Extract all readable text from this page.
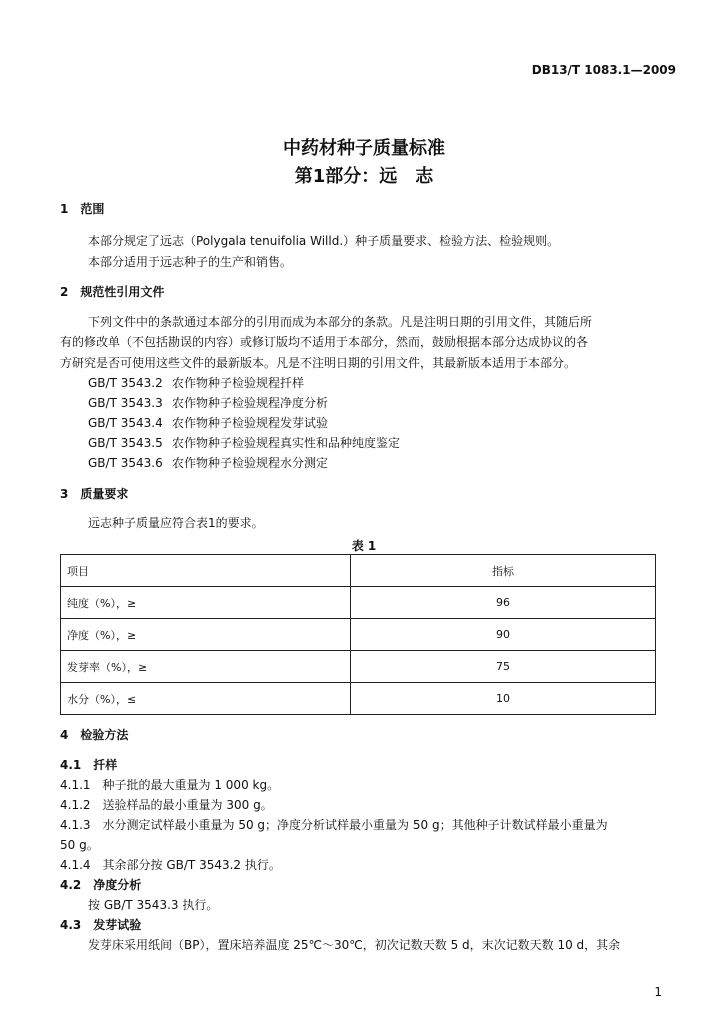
DB13/T 1083.1—2009
中药材种子质量标准
第1部分：远　志
1　范围
本部分规定了远志（Polygala tenuifolia Willd.）种子质量要求、检验方法、检验规则。
本部分适用于远志种子的生产和销售。
2　规范性引用文件
下列文件中的条款通过本部分的引用而成为本部分的条款。凡是注明日期的引用文件，其随后所
有的修改单（不包括勘误的内容）或修订版均不适用于本部分，然而，鼓励根据本部分达成协议的各
方研究是否可使用这些文件的最新版本。凡是不注明日期的引用文件，其最新版本适用于本部分。
GB/T 3543.2 农作物种子检验规程扦样
GB/T 3543.3 农作物种子检验规程净度分析
GB/T 3543.4 农作物种子检验规程发芽试验
GB/T 3543.5 农作物种子检验规程真实性和品种纯度鉴定
GB/T 3543.6 农作物种子检验规程水分测定
3　质量要求
远志种子质量应符合表1的要求。
表 1
项目	指标
纯度（%），≥	96
净度（%），≥	90
发芽率（%），≥	75
水分（%），≤	10
4　检验方法
4.1　扦样
4.1.1　种子批的最大重量为 1 000 kg。
4.1.2　送验样品的最小重量为 300 g。
4.1.3　水分测定试样最小重量为 50 g；净度分析试样最小重量为 50 g；其他种子计数试样最小重量为
50 g。
4.1.4　其余部分按 GB/T 3543.2 执行。
4.2　净度分析
按 GB/T 3543.3 执行。
4.3　发芽试验
发芽床采用纸间（BP），置床培养温度 25℃～30℃，初次记数天数 5 d，末次记数天数 10 d，其余
1
